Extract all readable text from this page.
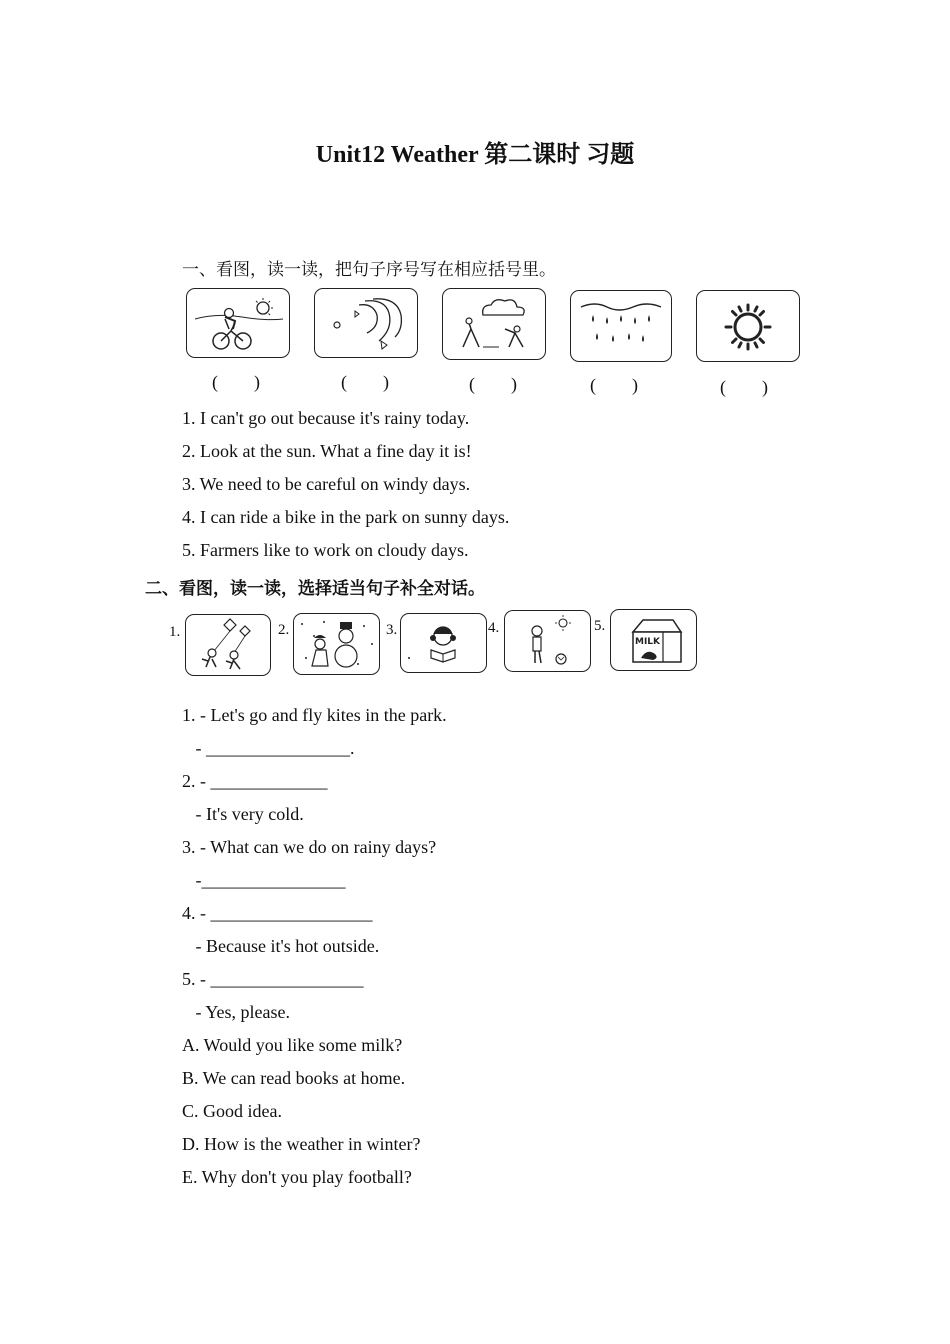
Unit12 Weather 第二课时 习题
一、看图，读一读，把句子序号写在相应括号里。
(        )	(        )	(        )	(        )	(        )
1. I can't go out because it's rainy today.
2. Look at the sun. What a fine day it is!
3. We need to be careful on windy days.
4. I can ride a bike in the park on sunny days.
5. Farmers like to work on cloudy days.
二、看图，读一读，选择适当句子补全对话。
1.	2.	3.	4.	5.
MILK
1. - Let's go and fly kites in the park.
- ________________.
2. - _____________
- It's very cold.
3. - What can we do on rainy days?
-________________
4. - __________________
- Because it's hot outside.
5. - _________________
- Yes, please.
A. Would you like some milk?
B. We can read books at home.
C. Good idea.
D. How is the weather in winter?
E. Why don't you play football?
